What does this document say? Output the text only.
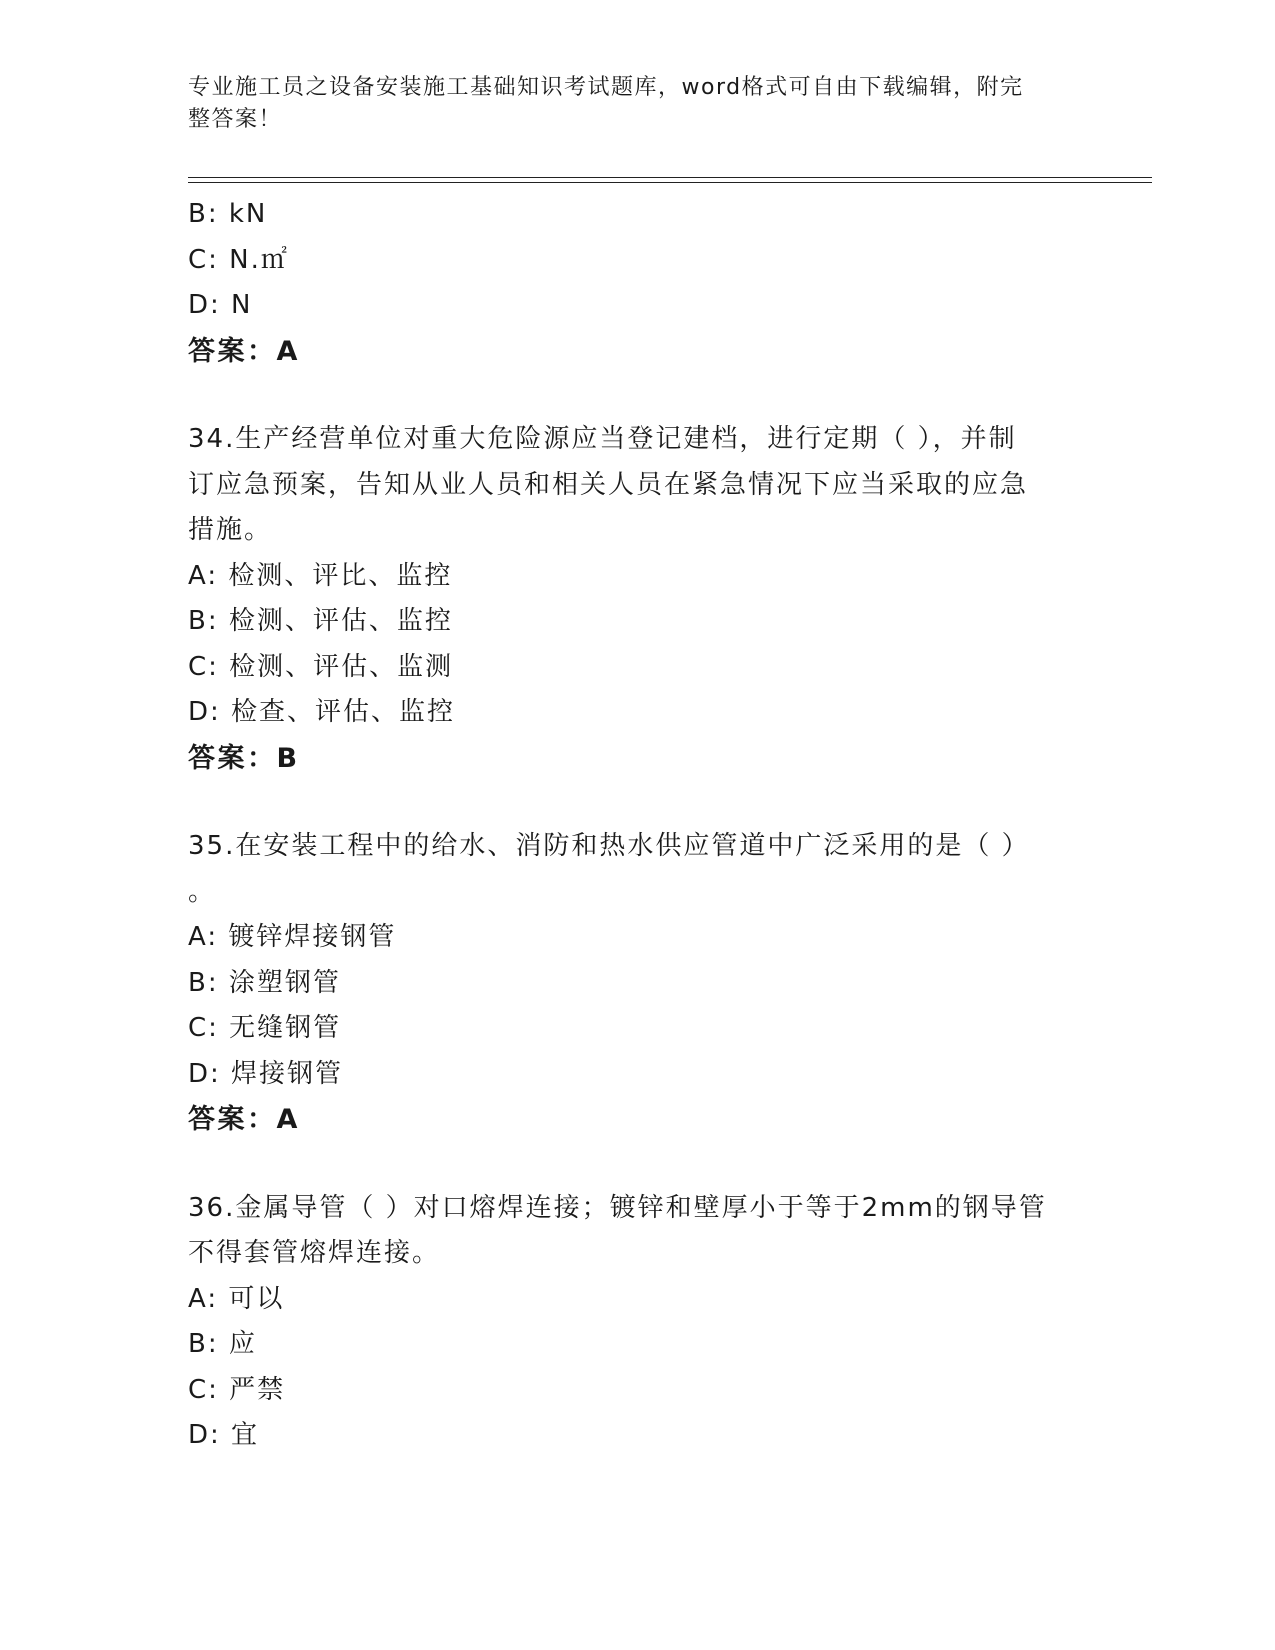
专业施工员之设备安装施工基础知识考试题库，word格式可自由下载编辑，附完
整答案！
B: kN
C: N.㎡
D: N
答案：A
34.生产经营单位对重大危险源应当登记建档，进行定期（ ），并制
订应急预案，告知从业人员和相关人员在紧急情况下应当采取的应急
措施。
A: 检测、评比、监控
B: 检测、评估、监控
C: 检测、评估、监测
D: 检查、评估、监控
答案：B
35.在安装工程中的给水、消防和热水供应管道中广泛采用的是（ ）
。
A: 镀锌焊接钢管
B: 涂塑钢管
C: 无缝钢管
D: 焊接钢管
答案：A
36.金属导管（ ）对口熔焊连接；镀锌和壁厚小于等于2mm的钢导管
不得套管熔焊连接。
A: 可以
B: 应
C: 严禁
D: 宜
